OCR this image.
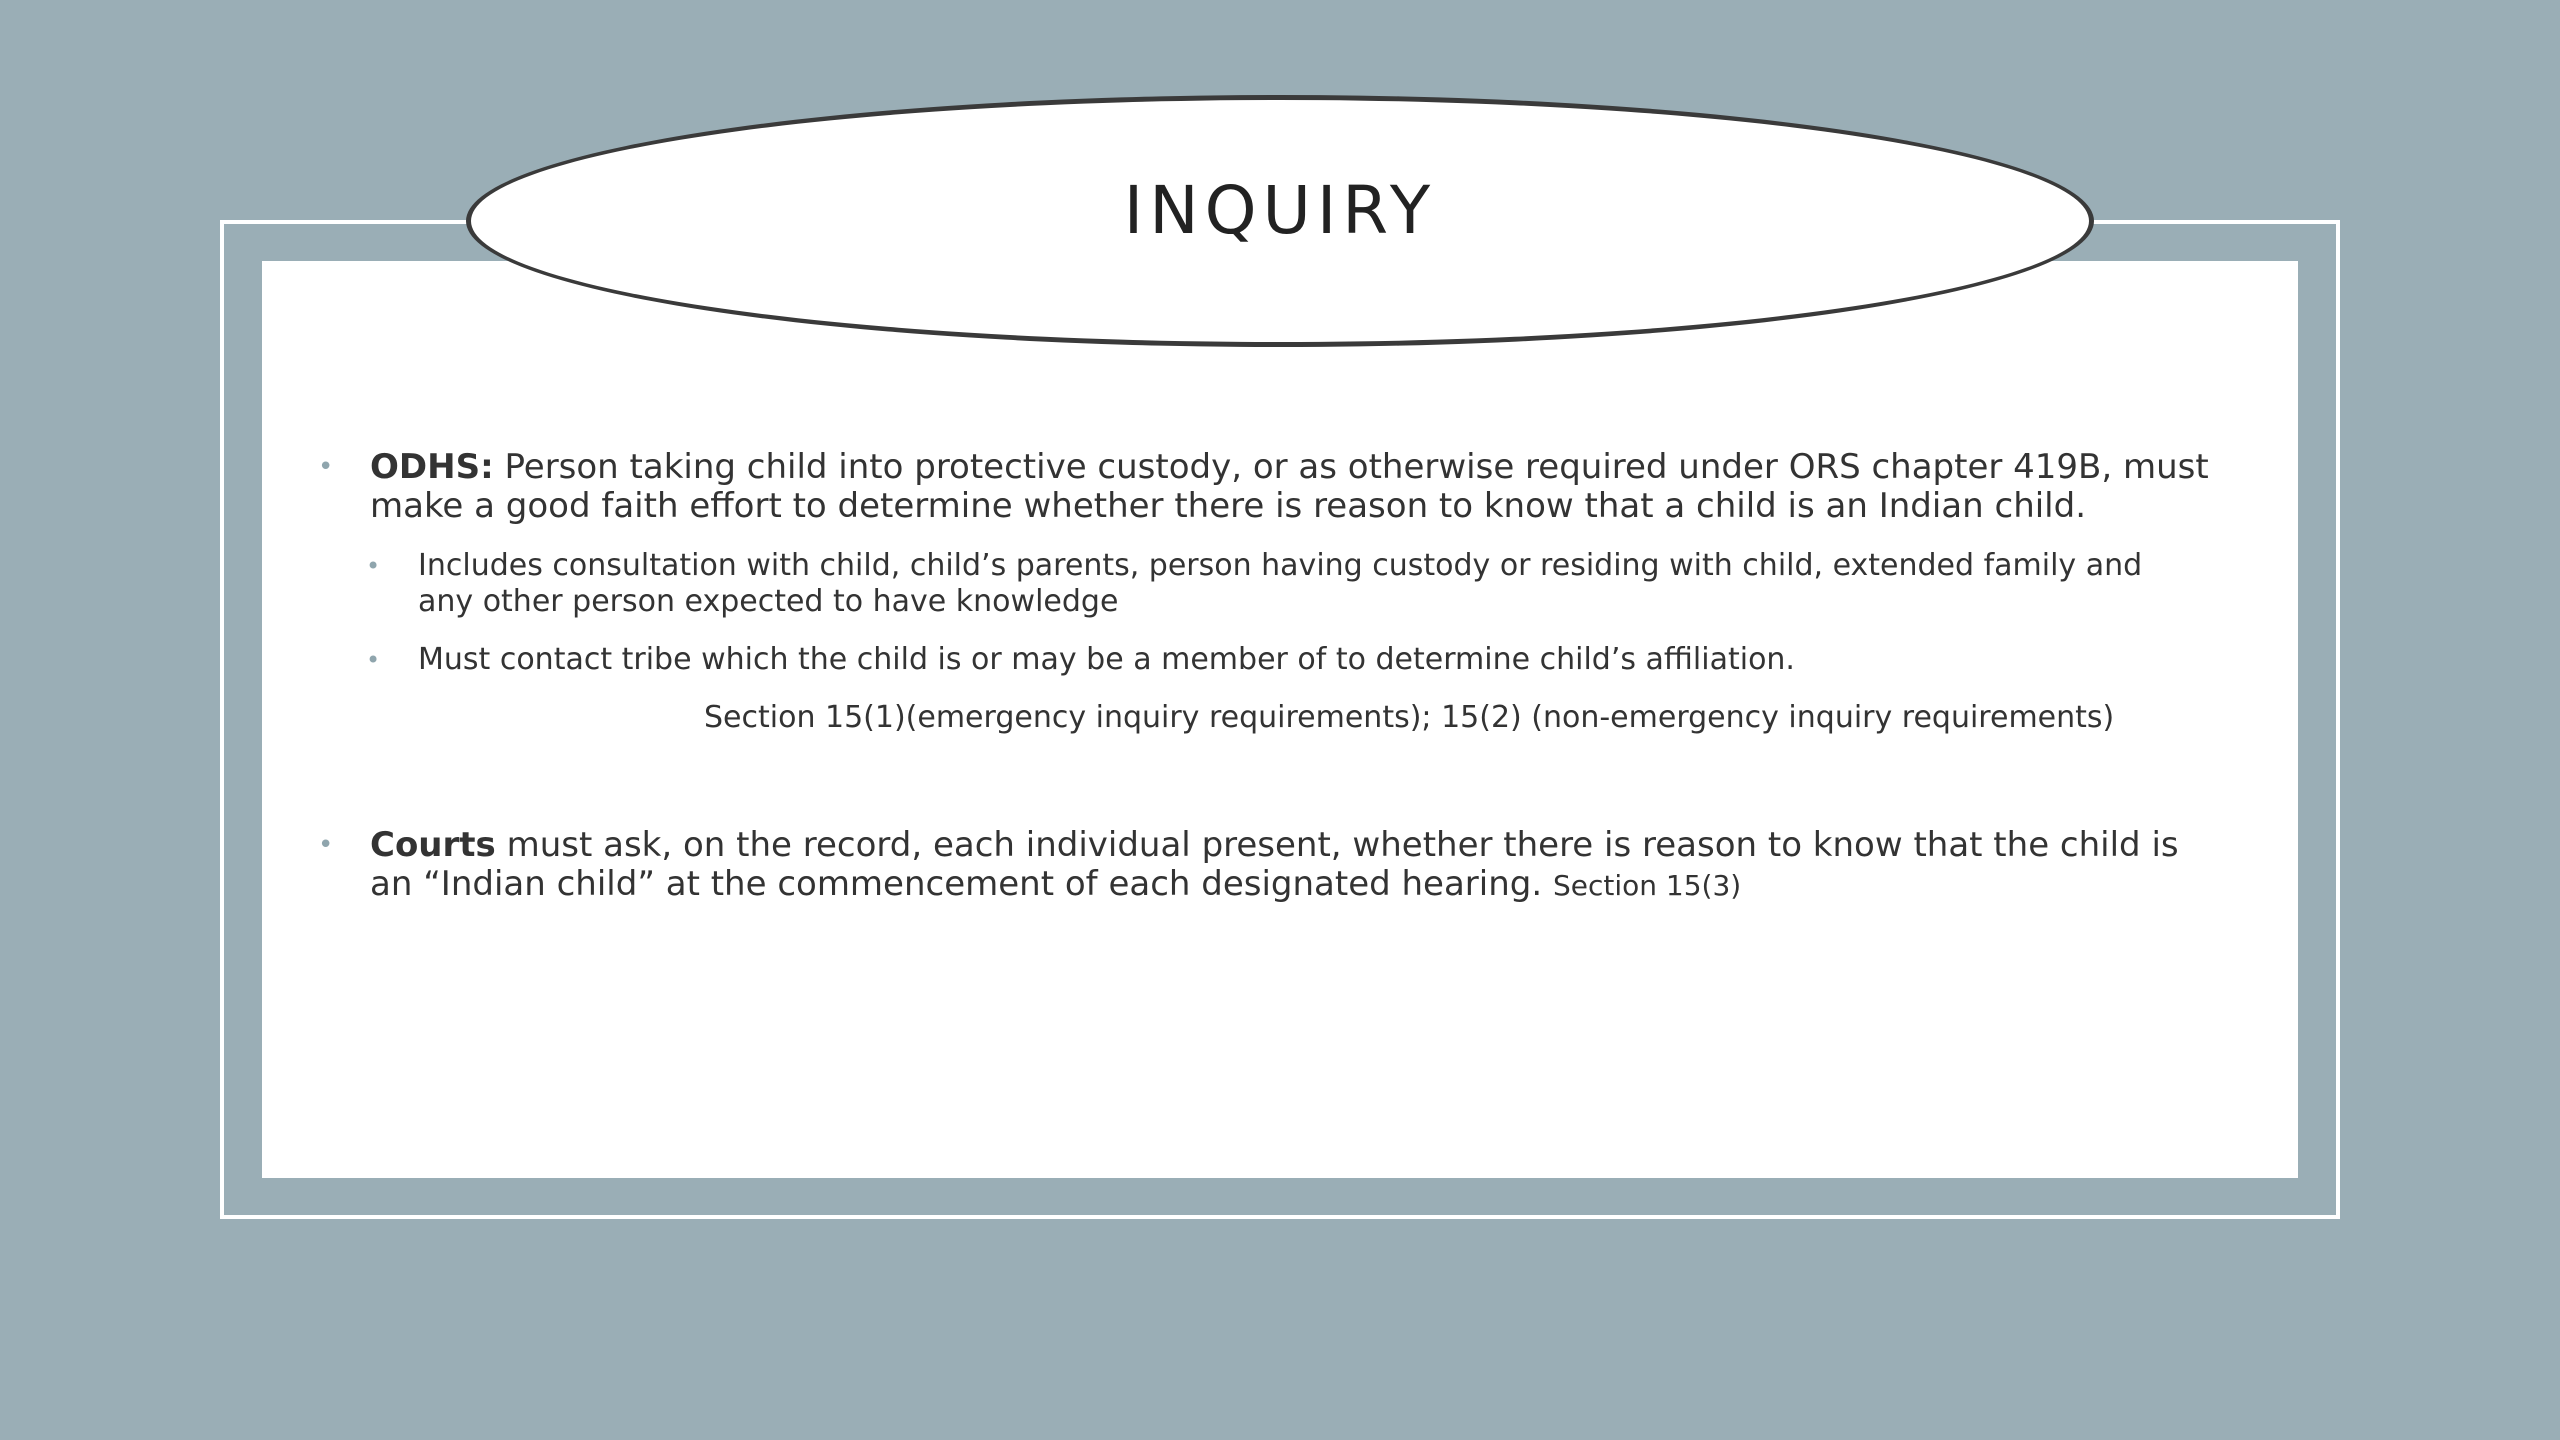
INQUIRY
• ODHS: Person taking child into protective custody, or as otherwise required under ORS chapter 419B, must make a good faith effort to determine whether there is reason to know that a child is an Indian child.
• Includes consultation with child, child’s parents, person having custody or residing with child, extended family and any other person expected to have knowledge
• Must contact tribe which the child is or may be a member of to determine child’s affiliation.
Section 15(1)(emergency inquiry requirements); 15(2) (non-emergency inquiry requirements)
• Courts must ask, on the record, each individual present, whether there is reason to know that the child is an “Indian child” at the commencement of each designated hearing. Section 15(3)
